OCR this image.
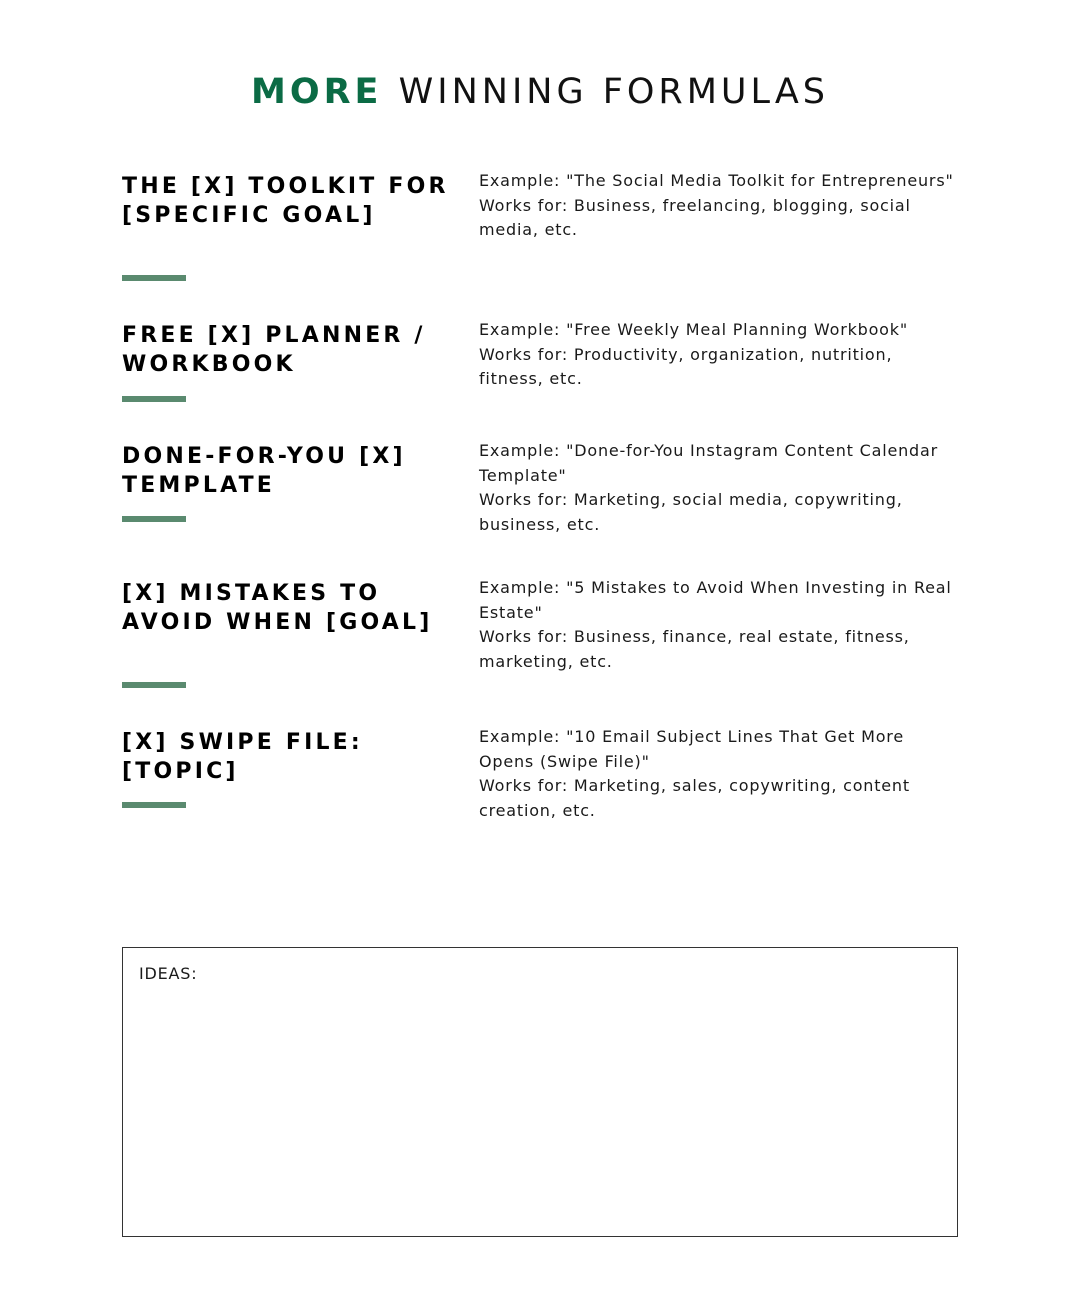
MORE WINNING FORMULAS
THE [X] TOOLKIT FOR [SPECIFIC GOAL]
Example: "The Social Media Toolkit for Entrepreneurs"
Works for: Business, freelancing, blogging, social media, etc.
FREE [X] PLANNER / WORKBOOK
Example: "Free Weekly Meal Planning Workbook"
Works for: Productivity, organization, nutrition, fitness, etc.
DONE-FOR-YOU [X] TEMPLATE
Example: "Done-for-You Instagram Content Calendar Template"
Works for: Marketing, social media, copywriting, business, etc.
[X] MISTAKES TO AVOID WHEN [GOAL]
Example: "5 Mistakes to Avoid When Investing in Real Estate"
Works for: Business, finance, real estate, fitness, marketing, etc.
[X] SWIPE FILE: [TOPIC]
Example: "10 Email Subject Lines That Get More Opens (Swipe File)"
Works for: Marketing, sales, copywriting, content creation, etc.
IDEAS:
